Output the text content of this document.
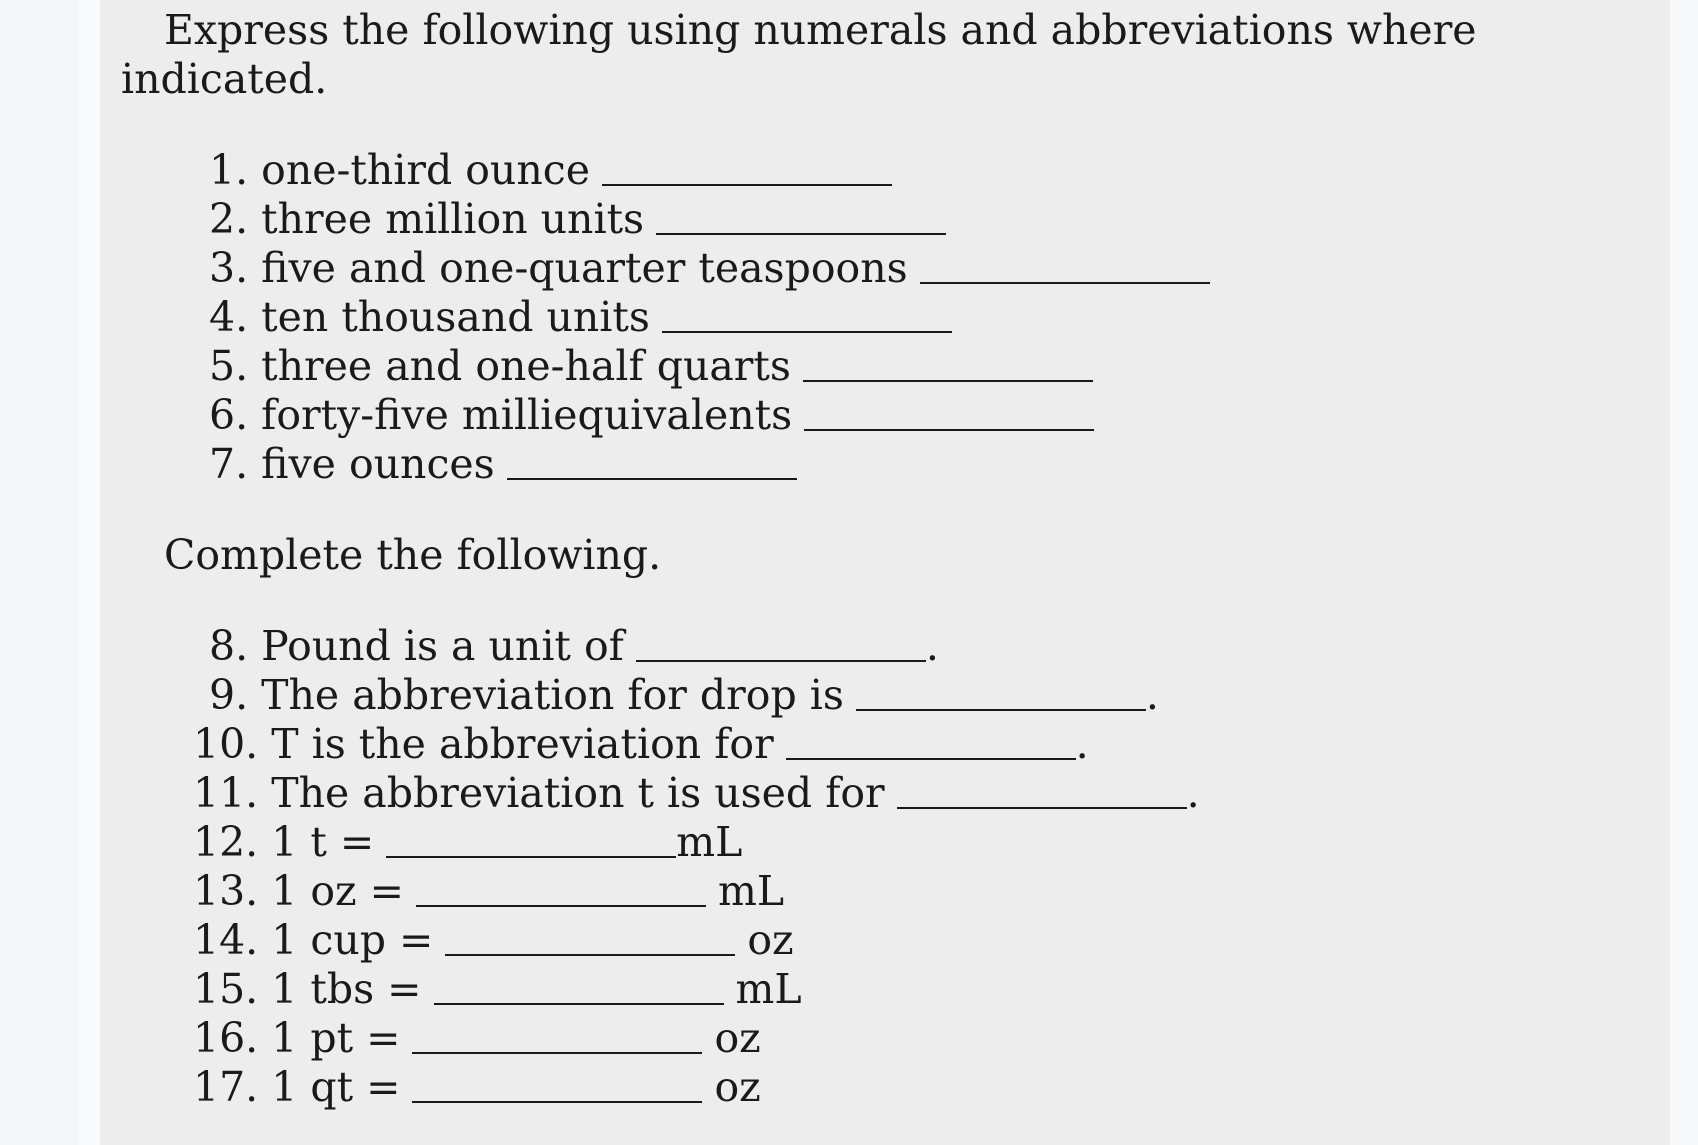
Express the following using numerals and abbreviations where

indicated.

1. one-third ounce
2. three million units
3. five and one-quarter teaspoons
4. ten thousand units
5. three and one-half quarts
6. forty-five milliequivalents
7. five ounces

Complete the following.

8. Pound is a unit of	.
9. The abbreviation for drop is	.
10. T is the abbreviation for	.
11. The abbreviation t is used for	.
12. 1 t =	mL
13. 1 oz =	mL
14. 1 cup =	oz
15. 1 tbs =	mL
16. 1 pt =	oz
17. 1 qt =	oz
